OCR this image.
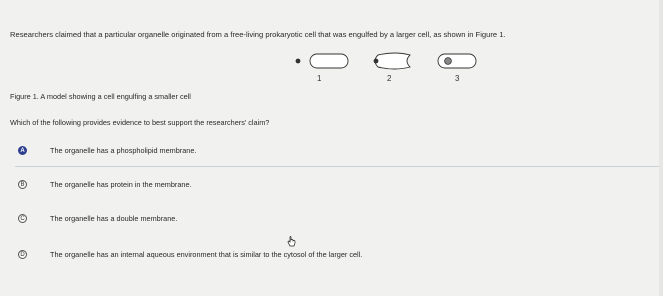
Researchers claimed that a particular organelle originated from a free-living prokaryotic cell that was engulfed by a larger cell, as shown in Figure 1.
1	2	3
Figure 1. A model showing a cell engulfing a smaller cell
Which of the following provides evidence to best support the researchers' claim?
A	The organelle has a phospholipid membrane.
B	The organelle has protein in the membrane.
C	The organelle has a double membrane.
D	The organelle has an internal aqueous environment that is similar to the cytosol of the larger cell.
